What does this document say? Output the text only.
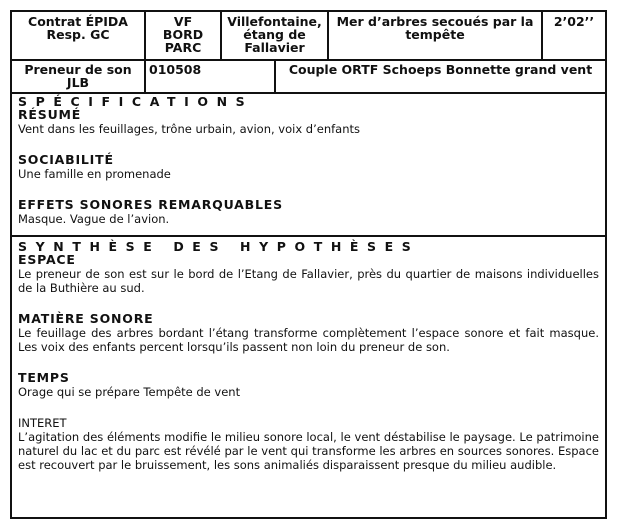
Contrat ÉPIDA
Resp. GC
VF
BORD
PARC
Villefontaine,
étang de
Fallavier
Mer d’arbres secoués par la
tempête
2’02’’
Preneur de son
JLB
010508	Couple ORTF Schoeps Bonnette grand vent
SPÉCIFICATIONS

RÉSUMÉ

Vent dans les feuillages, trône urbain, avion, voix d’enfants

SOCIABILITÉ

Une famille en promenade

EFFETS SONORES REMARQUABLES

Masque. Vague de l’avion.

SYNTHÈSE DES HYPOTHÈSES

ESPACE

Le preneur de son est sur le bord de l’Etang de Fallavier, près du quartier de maisons individuelles de la Buthière au sud.

MATIÈRE SONORE

Le feuillage des arbres bordant l’étang transforme complètement l’espace sonore et fait masque. Les voix des enfants percent lorsqu’ils passent non loin du preneur de son.

TEMPS

Orage qui se prépare Tempête de vent

INTERET

L’agitation des éléments modifie le milieu sonore local, le vent déstabilise le paysage. Le patrimoine naturel du lac et du parc est révélé par le vent qui transforme les arbres en sources sonores. Espace est recouvert par le bruissement, les sons animaliés disparaissent presque du milieu audible.
